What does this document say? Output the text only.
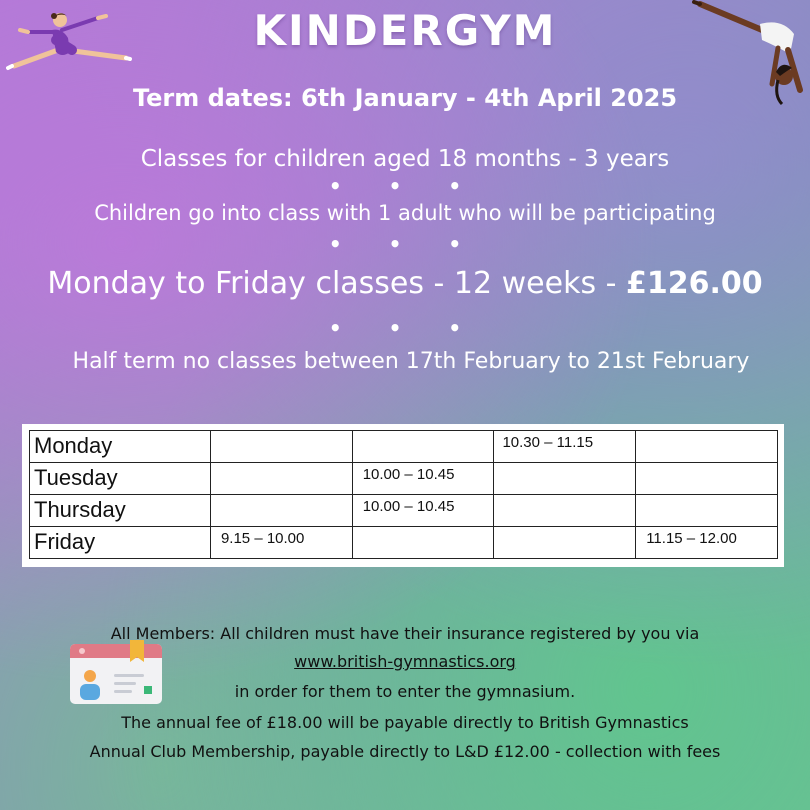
KINDERGYM
Term dates: 6th January - 4th April 2025
Classes for children aged 18 months - 3 years
• • •
Children go into class with 1 adult who will be participating
• • •
Monday to Friday classes - 12 weeks - £126.00
• • •
Half term no classes between 17th February to 21st February
Monday			10.30 – 11.15	
Tuesday		10.00 – 10.45		
Thursday		10.00 – 10.45		
Friday	9.15 – 10.00			11.15 – 12.00
All Members: All children must have their insurance registered by you via
www.british-gymnastics.org
in order for them to enter the gymnasium.
The annual fee of £18.00 will be payable directly to British Gymnastics
Annual Club Membership, payable directly to L&D £12.00 - collection with fees
